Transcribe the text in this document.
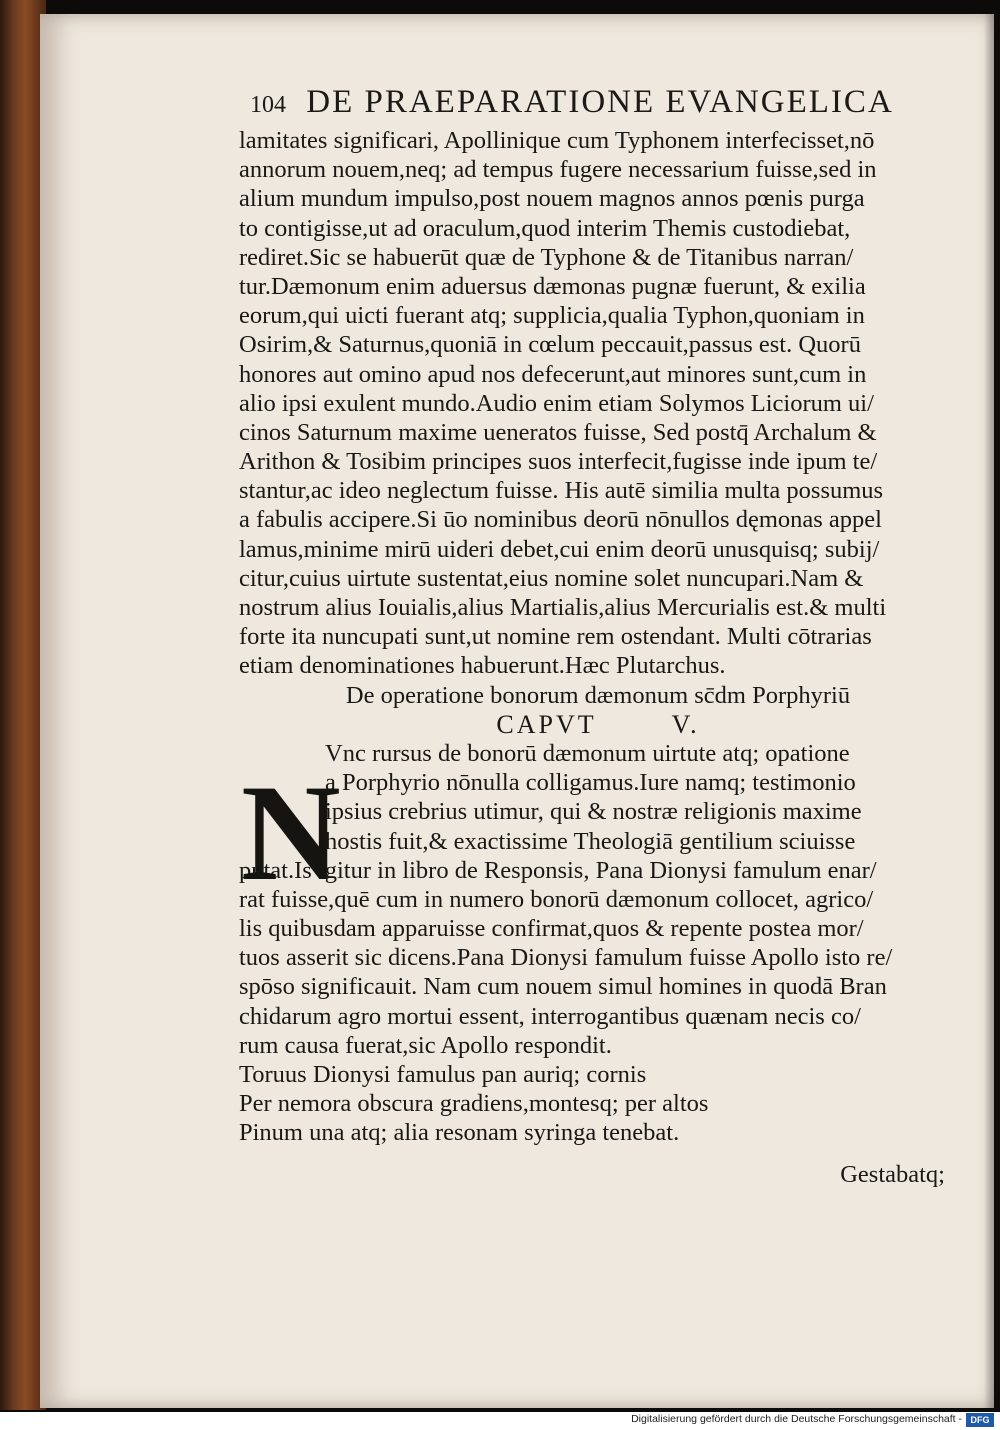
104 DE PRAEPARATIONE EVANGELICA
lamitates significari, Apollinique cum Typhonem interfecisset,nō
annorum nouem,neq; ad tempus fugere necessarium fuisse,sed in
alium mundum impulso,post nouem magnos annos pœnis purga
to contigisse,ut ad oraculum,quod interim Themis custodiebat,
rediret.Sic se habuerūt quæ de Typhone & de Titanibus narran/
tur.Dæmonum enim aduersus dæmonas pugnæ fuerunt, & exilia
eorum,qui uicti fuerant atq; supplicia,qualia Typhon,quoniam in
Osirim,& Saturnus,quoniā in cœlum peccauit,passus est. Quorū
honores aut omino apud nos defecerunt,aut minores sunt,cum in
alio ipsi exulent mundo.Audio enim etiam Solymos Liciorum ui/
cinos Saturnum maxime ueneratos fuisse, Sed postq̄ Archalum &
Arithon & Tosibim principes suos interfecit,fugisse inde ipum te/
stantur,ac ideo neglectum fuisse. His autē similia multa possumus
a fabulis accipere.Si ūo nominibus deorū nōnullos dęmonas appel
lamus,minime mirū uideri debet,cui enim deorū unusquisq; subij/
citur,cuius uirtute sustentat,eius nomine solet nuncupari.Nam &
nostrum alius Iouialis,alius Martialis,alius Mercurialis est.& multi
forte ita nuncupati sunt,ut nomine rem ostendant. Multi cōtrarias
etiam denominationes habuerunt.Hæc Plutarchus.
De operatione bonorum dæmonum sc̄dm Porphyriū
CAPVT        V.
Vnc rursus de bonorū dæmonum uirtute atq; opatione
a Porphyrio nōnulla colligamus.Iure namq; testimonio
ipsius crebrius utimur, qui & nostræ religionis maxime
hostis fuit,& exactissime Theologiā gentilium sciuisse
putat.Is igitur in libro de Responsis, Pana Dionysi famulum enar/
rat fuisse,quē cum in numero bonorū dæmonum collocet, agrico/
lis quibusdam apparuisse confirmat,quos & repente postea mor/
tuos asserit sic dicens.Pana Dionysi famulum fuisse Apollo isto re/
spōso significauit. Nam cum nouem simul homines in quodā Bran
chidarum agro mortui essent, interrogantibus quænam necis co/
rum causa fuerat,sic Apollo respondit.
Toruus Dionysi famulus pan auriq; cornis
Per nemora obscura gradiens,montesq; per altos
Pinum una atq; alia resonam syringa tenebat.
Gestabatq;
N
Digitalisierung gefördert durch die Deutsche Forschungsgemeinschaft - DFG
